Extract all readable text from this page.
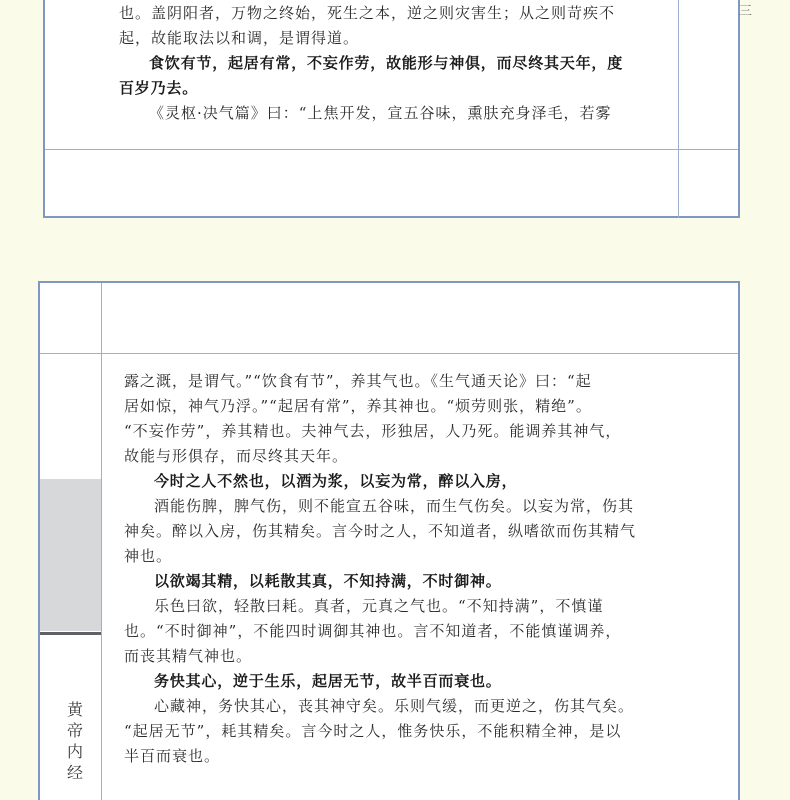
三
也。盖阴阳者，万物之终始，死生之本，逆之则灾害生；从之则苛疾不
起，故能取法以和调，是谓得道。
食饮有节，起居有常，不妄作劳，故能形与神俱，而尽终其天年，度
百岁乃去。
《灵枢·决气篇》曰：“上焦开发，宣五谷味，熏肤充身泽毛，若雾
黄帝内经
露之溉，是谓气。”“饮食有节”，养其气也。《生气通天论》曰：“起
居如惊，神气乃浮。”“起居有常”，养其神也。“烦劳则张，精绝”。
“不妄作劳”，养其精也。夫神气去，形独居，人乃死。能调养其神气，
故能与形俱存，而尽终其天年。
今时之人不然也，以酒为浆，以妄为常，醉以入房，
酒能伤脾，脾气伤，则不能宣五谷味，而生气伤矣。以妄为常，伤其
神矣。醉以入房，伤其精矣。言今时之人，不知道者，纵嗜欲而伤其精气
神也。
以欲竭其精，以耗散其真，不知持满，不时御神。
乐色曰欲，轻散曰耗。真者，元真之气也。“不知持满”，不慎谨
也。“不时御神”，不能四时调御其神也。言不知道者，不能慎谨调养，
而丧其精气神也。
务快其心，逆于生乐，起居无节，故半百而衰也。
心藏神，务快其心，丧其神守矣。乐则气缓，而更逆之，伤其气矣。
“起居无节”，耗其精矣。言今时之人，惟务快乐，不能积精全神，是以
半百而衰也。
